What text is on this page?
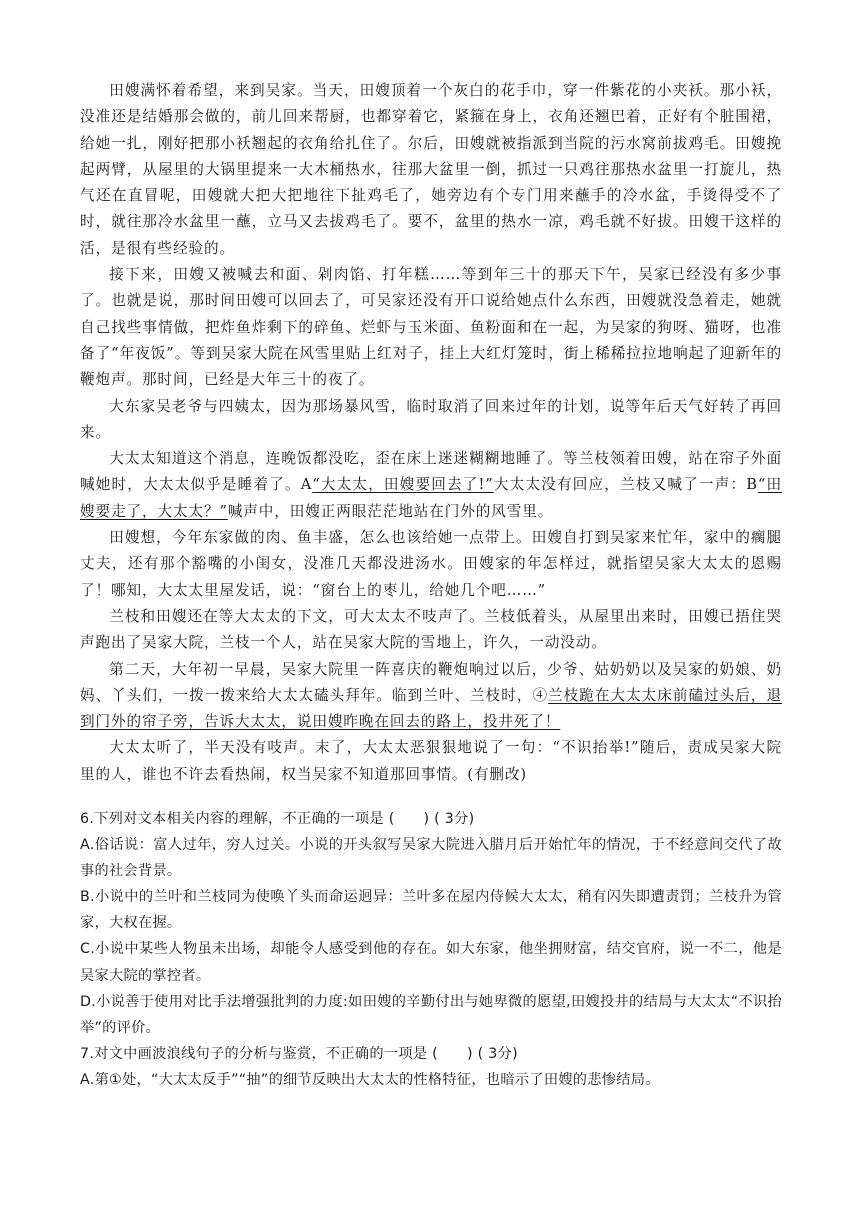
田嫂满怀着希望，来到吴家。当天，田嫂顶着一个灰白的花手巾，穿一件紫花的小夹袄。那小袄，没准还是结婚那会做的，前儿回来帮厨，也都穿着它，紧箍在身上，衣角还翘巴着，正好有个脏围裙，给她一扎，刚好把那小袄翘起的衣角给扎住了。尔后，田嫂就被指派到当院的污水窝前拔鸡毛。田嫂挽起两臂，从屋里的大锅里提来一大木桶热水，往那大盆里一倒，抓过一只鸡往那热水盆里一打旋儿，热气还在直冒呢，田嫂就大把大把地往下扯鸡毛了，她旁边有个专门用来蘸手的冷水盆，手烫得受不了时，就往那冷水盆里一蘸，立马又去拔鸡毛了。要不，盆里的热水一凉，鸡毛就不好拔。田嫂干这样的活，是很有些经验的。

接下来，田嫂又被喊去和面、剁肉馅、打年糕……等到年三十的那天下午，吴家已经没有多少事了。也就是说，那时间田嫂可以回去了，可吴家还没有开口说给她点什么东西，田嫂就没急着走，她就自己找些事情做，把炸鱼炸剩下的碎鱼、烂虾与玉米面、鱼粉面和在一起，为吴家的狗呀、猫呀，也准备了“年夜饭”。等到吴家大院在风雪里贴上红对子，挂上大红灯笼时，街上稀稀拉拉地响起了迎新年的鞭炮声。那时间，已经是大年三十的夜了。

大东家吴老爷与四姨太，因为那场暴风雪，临时取消了回来过年的计划，说等年后天气好转了再回来。

大太太知道这个消息，连晚饭都没吃，歪在床上迷迷糊糊地睡了。等兰枝领着田嫂，站在帘子外面喊她时，大太太似乎是睡着了。A“大太太，田嫂要回去了!”大太太没有回应，兰枝又喊了一声：B“田嫂要走了，大太太？”喊声中，田嫂正两眼茫茫地站在门外的风雪里。

田嫂想，今年东家做的肉、鱼丰盛，怎么也该给她一点带上。田嫂自打到吴家来忙年，家中的瘸腿丈夫，还有那个豁嘴的小闺女，没准几天都没进汤水。田嫂家的年怎样过，就指望吴家大太太的恩赐了！哪知，大太太里屋发话，说：“窗台上的枣儿，给她几个吧……”

兰枝和田嫂还在等大太太的下文，可大太太不吱声了。兰枝低着头，从屋里出来时，田嫂已捂住哭声跑出了吴家大院，兰枝一个人，站在吴家大院的雪地上，许久，一动没动。

第二天，大年初一早晨，吴家大院里一阵喜庆的鞭炮响过以后，少爷、姑奶奶以及吴家的奶娘、奶妈、丫头们，一拨一拨来给大太太磕头拜年。临到兰叶、兰枝时，④兰枝跪在大太太床前磕过头后，退到门外的帘子旁，告诉大太太，说田嫂昨晚在回去的路上，投井死了！

大太太听了，半天没有吱声。末了，大太太恶狠狠地说了一句：“不识抬举!”随后，责成吴家大院里的人，谁也不许去看热闹，权当吴家不知道那回事情。(有删改)

6.下列对文本相关内容的理解，不正确的一项是 (　　) ( 3分)

A.俗话说：富人过年，穷人过关。小说的开头叙写吴家大院进入腊月后开始忙年的情况，于不经意间交代了故事的社会背景。

B.小说中的兰叶和兰枝同为使唤丫头而命运迥异：兰叶多在屋内侍候大太太，稍有闪失即遭责罚；兰枝升为管家，大权在握。

C.小说中某些人物虽未出场，却能令人感受到他的存在。如大东家，他坐拥财富，结交官府，说一不二，他是吴家大院的掌控者。

D.小说善于使用对比手法增强批判的力度:如田嫂的辛勤付出与她卑微的愿望,田嫂投井的结局与大太太“不识抬举”的评价。

7.对文中画波浪线句子的分析与鉴赏，不正确的一项是 (　　) ( 3分)

A.第①处，“大太太反手”“抽”的细节反映出大太太的性格特征，也暗示了田嫂的悲惨结局。
